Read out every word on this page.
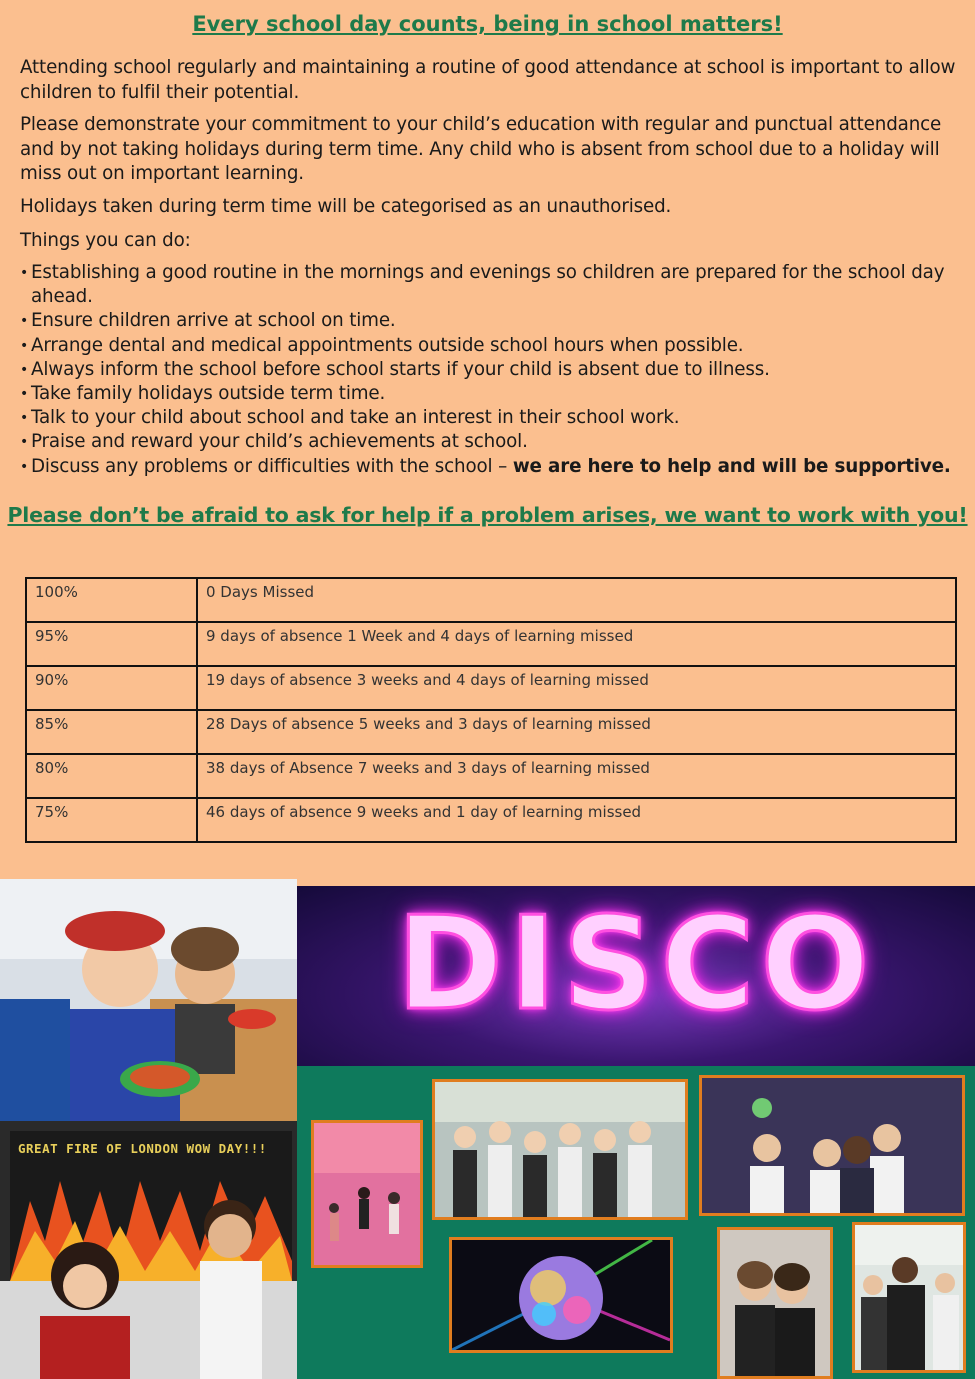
Every school day counts, being in school matters!

Attending school regularly and maintaining a routine of good attendance at school is important to allow children to fulfil their potential.

Please demonstrate your commitment to your child’s education with regular and punctual attendance and by not taking holidays during term time. Any child who is absent from school due to a holiday will miss out on important learning.

Holidays taken during term time will be categorised as an unauthorised.

Things you can do:

• Establishing a good routine in the mornings and evenings so children are prepared for the school day ahead.
• Ensure children arrive at school on time.
• Arrange dental and medical appointments outside school hours when possible.
• Always inform the school before school starts if your child is absent due to illness.
• Take family holidays outside term time.
• Talk to your child about school and take an interest in their school work.
• Praise and reward your child’s achievements at school.
• Discuss any problems or difficulties with the school – we are here to help and will be supportive.
Please don’t be afraid to ask for help if a problem arises, we want to work with you!
100%	0 Days Missed
95%	9 days of absence 1 Week and 4 days of learning missed
90%	19 days of absence 3 weeks and 4 days of learning missed
85%	28 Days of absence 5 weeks and 3 days of learning missed
80%	38 days of Absence 7 weeks and 3 days of learning missed
75%	46 days of absence 9 weeks and 1 day of learning missed
GREAT FIRE OF LONDON WOW DAY!!!
DISCO
